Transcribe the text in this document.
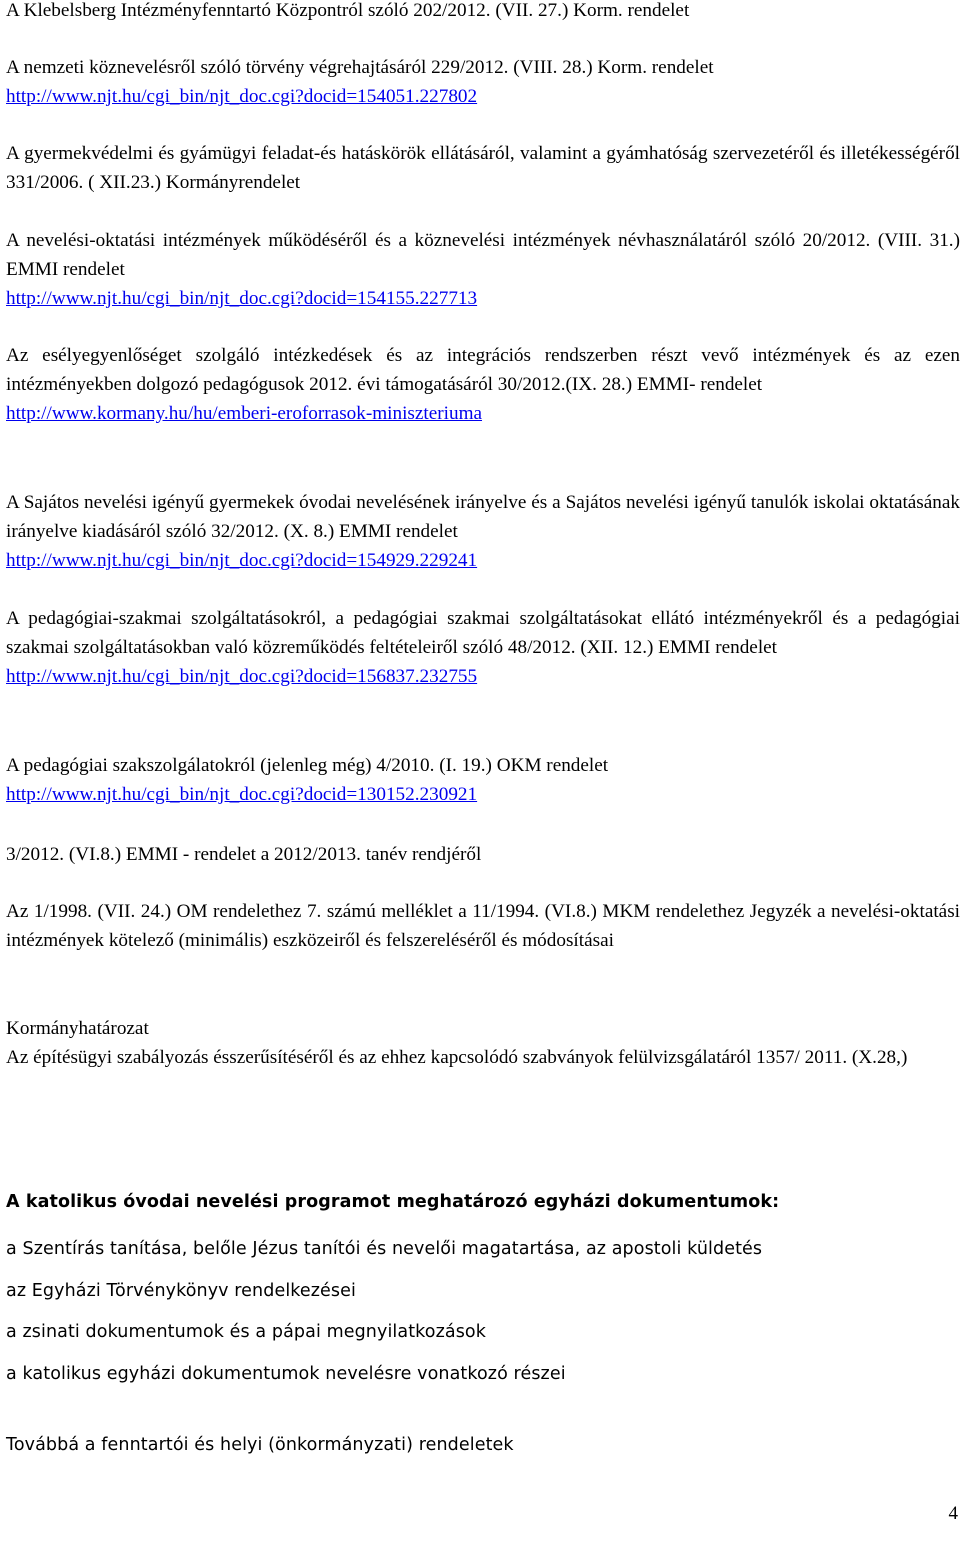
A Klebelsberg Intézményfenntartó Központról szóló 202/2012. (VII. 27.) Korm. rendelet

A nemzeti köznevelésről szóló törvény végrehajtásáról 229/2012. (VIII. 28.) Korm. rendelet

http://www.njt.hu/cgi_bin/njt_doc.cgi?docid=154051.227802

A gyermekvédelmi és gyámügyi feladat-és hatáskörök ellátásáról, valamint a gyámhatóság szervezetéről és illetékességéről 331/2006. ( XII.23.) Kormányrendelet

A nevelési-oktatási intézmények működéséről és a köznevelési intézmények névhasználatáról szóló 20/2012. (VIII. 31.) EMMI rendelet

http://www.njt.hu/cgi_bin/njt_doc.cgi?docid=154155.227713

Az esélyegyenlőséget szolgáló intézkedések és az integrációs rendszerben részt vevő intézmények és az ezen intézményekben dolgozó pedagógusok 2012. évi támogatásáról 30/2012.(IX. 28.) EMMI- rendelet

http://www.kormany.hu/hu/emberi-eroforrasok-miniszteriuma

A Sajátos nevelési igényű gyermekek óvodai nevelésének irányelve és a Sajátos nevelési igényű tanulók iskolai oktatásának irányelve kiadásáról szóló 32/2012. (X. 8.) EMMI rendelet

http://www.njt.hu/cgi_bin/njt_doc.cgi?docid=154929.229241

A pedagógiai-szakmai szolgáltatásokról, a pedagógiai szakmai szolgáltatásokat ellátó intézményekről és a pedagógiai szakmai szolgáltatásokban való közreműködés feltételeiről szóló 48/2012. (XII. 12.) EMMI rendelet

http://www.njt.hu/cgi_bin/njt_doc.cgi?docid=156837.232755

A pedagógiai szakszolgálatokról (jelenleg még) 4/2010. (I. 19.) OKM rendelet

http://www.njt.hu/cgi_bin/njt_doc.cgi?docid=130152.230921

3/2012. (VI.8.) EMMI - rendelet a 2012/2013. tanév rendjéről

Az 1/1998. (VII. 24.) OM rendelethez 7. számú melléklet a 11/1994. (VI.8.) MKM rendelethez Jegyzék a nevelési-oktatási intézmények kötelező (minimális) eszközeiről és felszereléséről és módosításai

Kormányhatározat

Az építésügyi szabályozás ésszerűsítéséről és az ehhez kapcsolódó szabványok felülvizsgálatáról 1357/ 2011. (X.28,)

A katolikus óvodai nevelési programot meghatározó egyházi dokumentumok:
a Szentírás tanítása, belőle Jézus tanítói és nevelői magatartása, az apostoli küldetés
az Egyházi Törvénykönyv rendelkezései
a zsinati dokumentumok és a pápai megnyilatkozások
a katolikus egyházi dokumentumok nevelésre vonatkozó részei
Továbbá a fenntartói és helyi (önkormányzati) rendeletek
4
